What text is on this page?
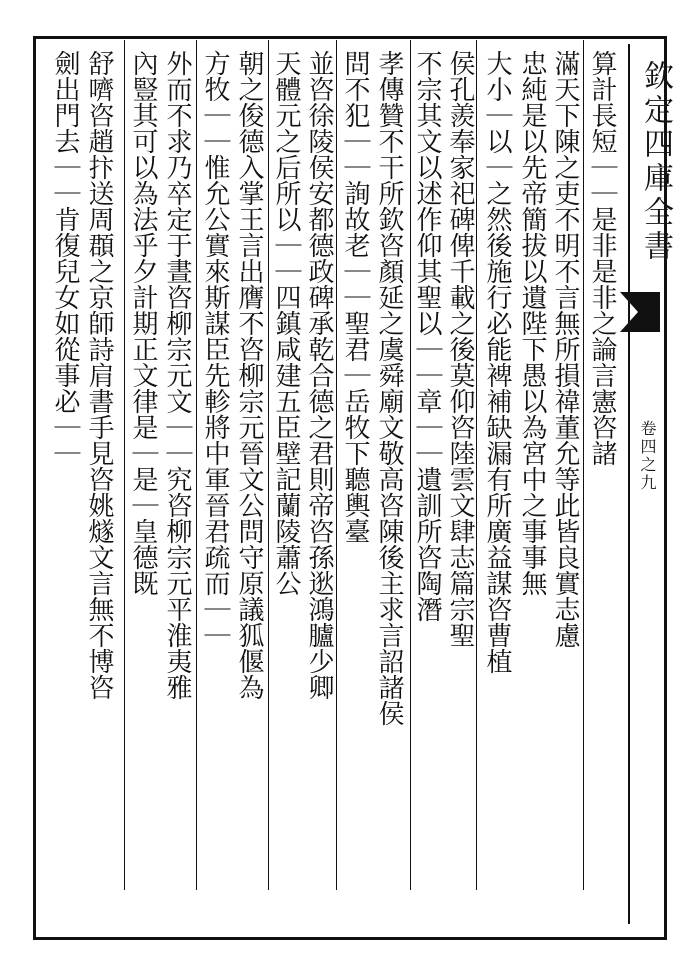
欽定四庫全書
卷四之九
算計長短｜｜是非是非之論言憲咨諸
滿天下陳之吏不明不言無所損禕董允等此皆良實志慮
忠純是以先帝簡拔以遺陛下愚以為宮中之事事無
大小｜以｜之然後施行必能裨補缺漏有所廣益謀咨曹植
侯孔羨奉家祀碑俾千載之後莫仰咨陸雲文肆志篇宗聖
不宗其文以述作仰其聖以｜｜章｜｜遺訓所咨陶潛
孝傳贊不干所欽咨顏延之虞舜廟文敬高咨陳後主求言詔諸侯
問不犯｜｜詢故老｜｜聖君｜岳牧下聽輿臺
並咨徐陵侯安都德政碑承乾合德之君則帝咨孫逖鴻臚少卿
天體元之后所以｜｜四鎮咸建五臣壁記蘭陵蕭公
朝之俊德入掌王言出膺不咨柳宗元晉文公問守原議狐偃為
方牧｜｜惟允公實來斯謀臣先軫將中軍晉君疏而｜｜
外而不求乃卒定于晝咨柳宗元文｜｜究咨柳宗元平淮夷雅
內豎其可以為法乎夕計期正文律是｜是｜皇德既
舒嚌咨趙抃送周頵之京師詩肩書手見咨姚燧文言無不博咨
劍出門去｜｜肯復兒女如從事必｜｜
